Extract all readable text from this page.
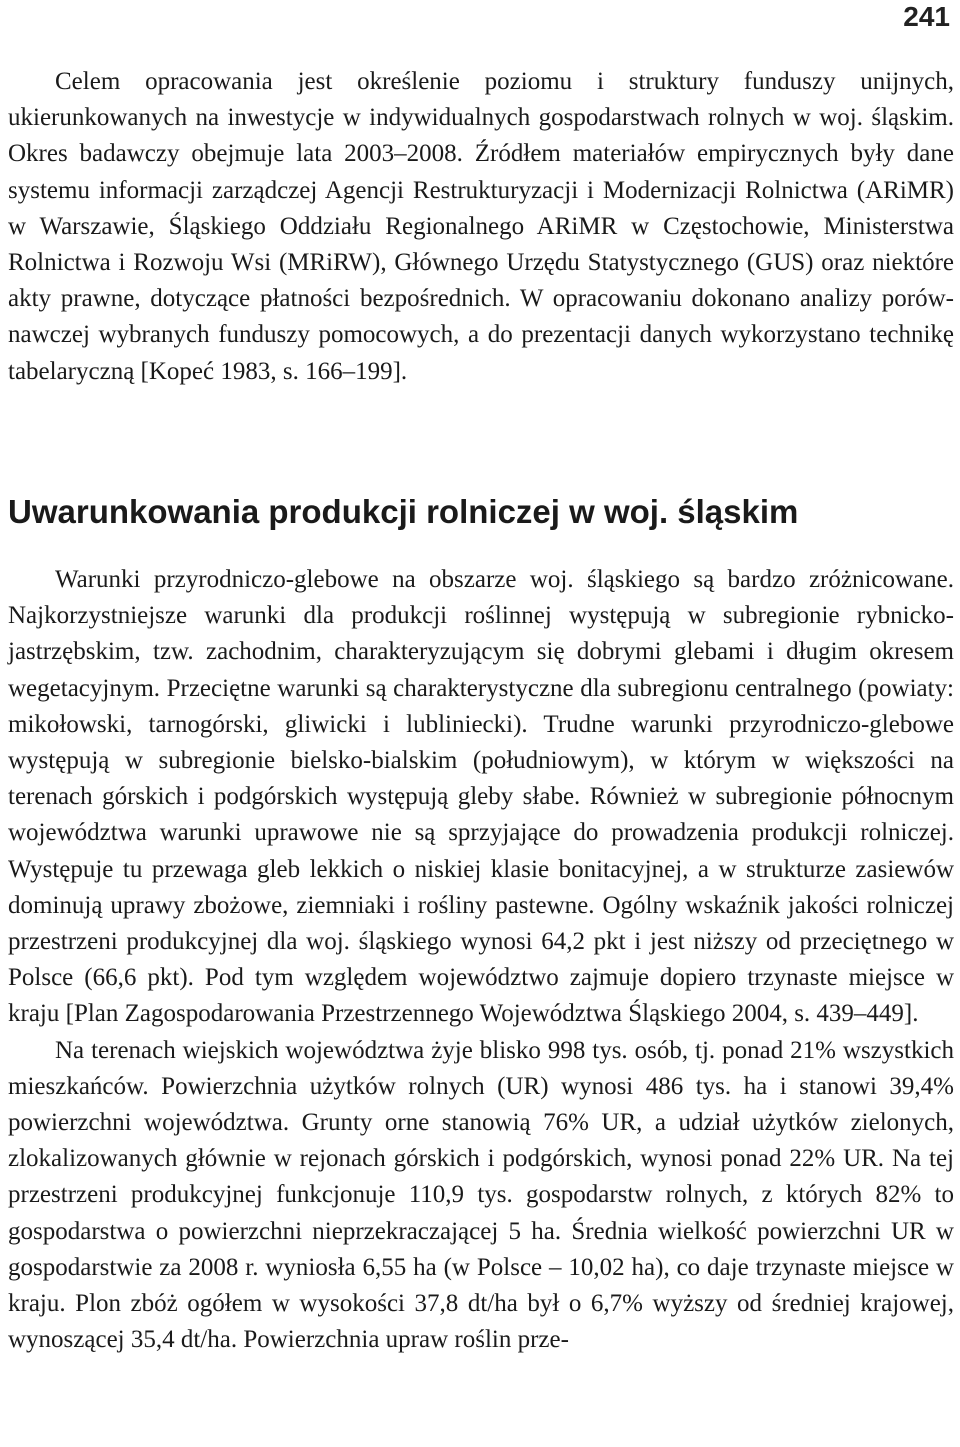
241

Celem opracowania jest określenie poziomu i struktury funduszy unijnych, ukierunkowanych na inwestycje w indywidualnych gospodarstwach rolnych w woj. śląskim. Okres badawczy obejmuje lata 2003–2008. Źródłem materiałów empirycznych były dane systemu informacji zarządczej Agencji Restrukturyzacji i Modernizacji Rolnictwa (ARiMR) w Warszawie, Śląskiego Oddziału Regionalnego ARiMR w Częstochowie, Ministerstwa Rolnictwa i Rozwoju Wsi (MRiRW), Głównego Urzędu Statystycznego (GUS) oraz niektóre akty prawne, dotyczące płatności bezpośrednich. W opracowaniu dokonano analizy porównawczej wybranych funduszy pomocowych, a do prezentacji danych wykorzystano technikę tabelaryczną [Kopeć 1983, s. 166–199].

Uwarunkowania produkcji rolniczej w woj. śląskim

Warunki przyrodniczo-glebowe na obszarze woj. śląskiego są bardzo zróżnicowane. Najkorzystniejsze warunki dla produkcji roślinnej występują w subregionie rybnicko-jastrzębskim, tzw. zachodnim, charakteryzującym się dobrymi glebami i długim okresem wegetacyjnym. Przeciętne warunki są charakterystyczne dla subregionu centralnego (powiaty: mikołowski, tarnogórski, gliwicki i lubliniecki). Trudne warunki przyrodniczo-glebowe występują w subregionie bielsko-bialskim (południowym), w którym w większości na terenach górskich i podgórskich występują gleby słabe. Również w subregionie północnym województwa warunki uprawowe nie są sprzyjające do prowadzenia produkcji rolniczej. Występuje tu przewaga gleb lekkich o niskiej klasie bonitacyjnej, a w strukturze zasiewów dominują uprawy zbożowe, ziemniaki i rośliny pastewne. Ogólny wskaźnik jakości rolniczej przestrzeni produkcyjnej dla woj. śląskiego wynosi 64,2 pkt i jest niższy od przeciętnego w Polsce (66,6 pkt). Pod tym względem województwo zajmuje dopiero trzynaste miejsce w kraju [Plan Zagospodarowania Przestrzennego Województwa Śląskiego 2004, s. 439–449].

Na terenach wiejskich województwa żyje blisko 998 tys. osób, tj. ponad 21% wszystkich mieszkańców. Powierzchnia użytków rolnych (UR) wynosi 486 tys. ha i stanowi 39,4% powierzchni województwa. Grunty orne stanowią 76% UR, a udział użytków zielonych, zlokalizowanych głównie w rejonach górskich i podgórskich, wynosi ponad 22% UR. Na tej przestrzeni produkcyjnej funkcjonuje 110,9 tys. gospodarstw rolnych, z których 82% to gospodarstwa o powierzchni nieprzekraczającej 5 ha. Średnia wielkość powierzchni UR w gospodarstwie za 2008 r. wyniosła 6,55 ha (w Polsce – 10,02 ha), co daje trzynaste miejsce w kraju. Plon zbóż ogółem w wysokości 37,8 dt/ha był o 6,7% wyższy od średniej krajowej, wynoszącej 35,4 dt/ha. Powierzchnia upraw roślin prze-
